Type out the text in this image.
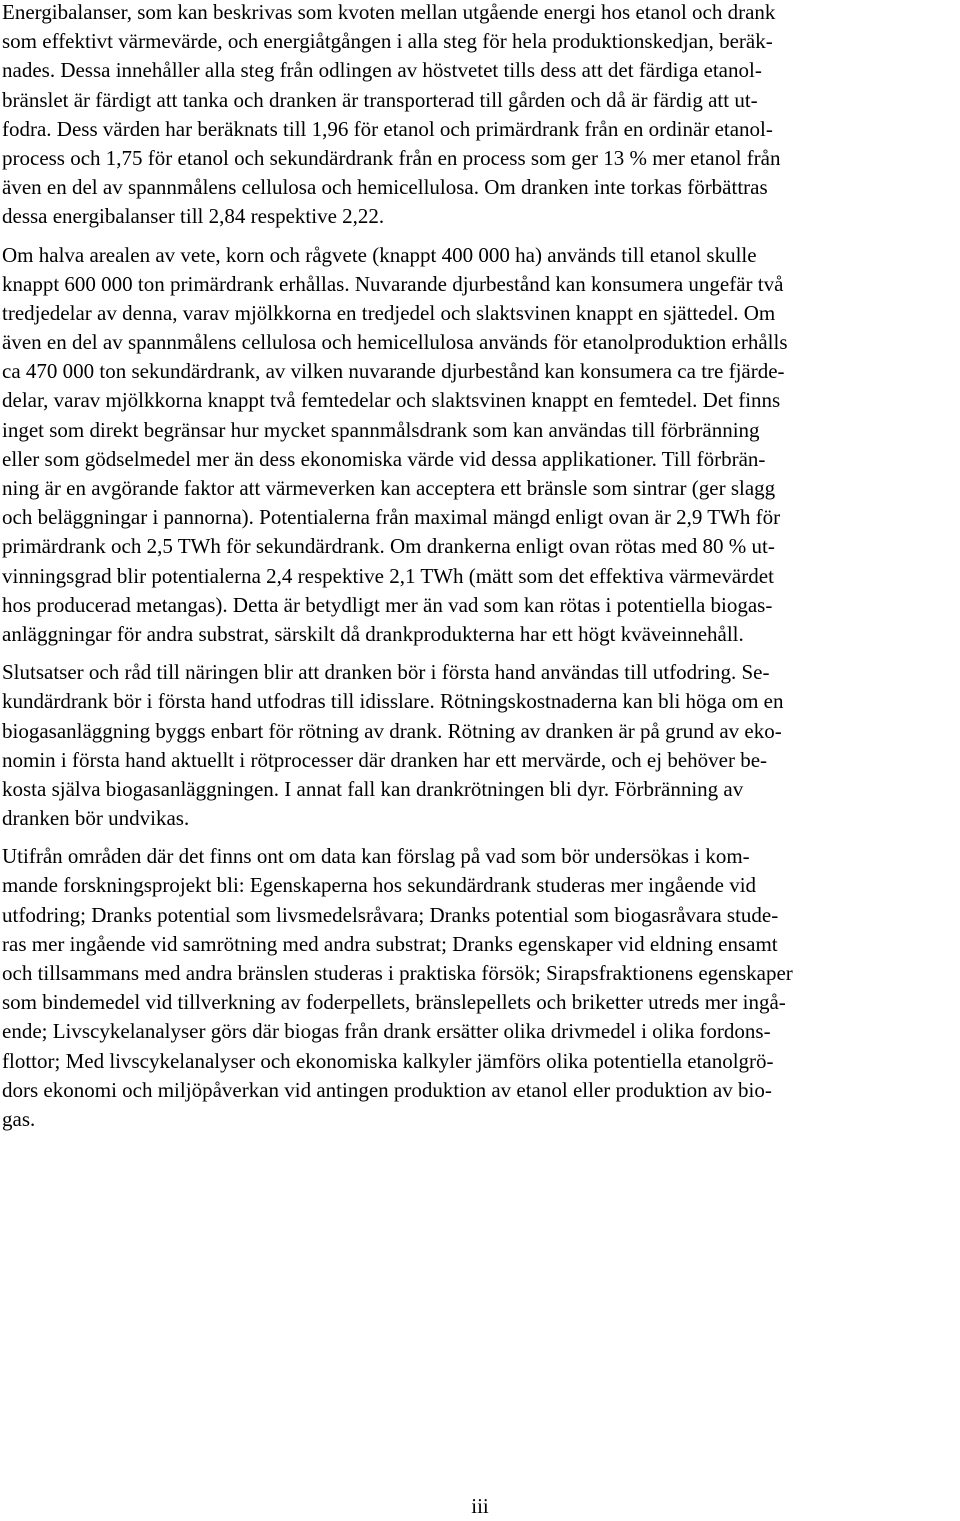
Energibalanser, som kan beskrivas som kvoten mellan utgående energi hos etanol och drank
som effektivt värmevärde, och energiåtgången i alla steg för hela produktionskedjan, beräk-
nades. Dessa innehåller alla steg från odlingen av höstvetet tills dess att det färdiga etanol-
bränslet är färdigt att tanka och dranken är transporterad till gården och då är färdig att ut-
fodra. Dess värden har beräknats till 1,96 för etanol och primärdrank från en ordinär etanol-
process och 1,75 för etanol och sekundärdrank från en process som ger 13 % mer etanol från
även en del av spannmålens cellulosa och hemicellulosa. Om dranken inte torkas förbättras
dessa energibalanser till 2,84 respektive 2,22.
Om halva arealen av vete, korn och rågvete (knappt 400 000 ha) används till etanol skulle
knappt 600 000 ton primärdrank erhållas. Nuvarande djurbestånd kan konsumera ungefär två
tredjedelar av denna, varav mjölkkorna en tredjedel och slaktsvinen knappt en sjättedel. Om
även en del av spannmålens cellulosa och hemicellulosa används för etanolproduktion erhålls
ca 470 000 ton sekundärdrank, av vilken nuvarande djurbestånd kan konsumera ca tre fjärde-
delar, varav mjölkkorna knappt två femtedelar och slaktsvinen knappt en femtedel. Det finns
inget som direkt begränsar hur mycket spannmålsdrank som kan användas till förbränning
eller som gödselmedel mer än dess ekonomiska värde vid dessa applikationer. Till förbrän-
ning är en avgörande faktor att värmeverken kan acceptera ett bränsle som sintrar (ger slagg
och beläggningar i pannorna). Potentialerna från maximal mängd enligt ovan är 2,9 TWh för
primärdrank och 2,5 TWh för sekundärdrank. Om drankerna enligt ovan rötas med 80 % ut-
vinningsgrad blir potentialerna 2,4 respektive 2,1 TWh (mätt som det effektiva värmevärdet
hos producerad metangas). Detta är betydligt mer än vad som kan rötas i potentiella biogas-
anläggningar för andra substrat, särskilt då drankprodukterna har ett högt kväveinnehåll.
Slutsatser och råd till näringen blir att dranken bör i första hand användas till utfodring. Se-
kundärdrank bör i första hand utfodras till idisslare. Rötningskostnaderna kan bli höga om en
biogasanläggning byggs enbart för rötning av drank. Rötning av dranken är på grund av eko-
nomin i första hand aktuellt i rötprocesser där dranken har ett mervärde, och ej behöver be-
kosta själva biogasanläggningen. I annat fall kan drankrötningen bli dyr. Förbränning av
dranken bör undvikas.
Utifrån områden där det finns ont om data kan förslag på vad som bör undersökas i kom-
mande forskningsprojekt bli: Egenskaperna hos sekundärdrank studeras mer ingående vid
utfodring; Dranks potential som livsmedelsråvara; Dranks potential som biogasråvara stude-
ras mer ingående vid samrötning med andra substrat; Dranks egenskaper vid eldning ensamt
och tillsammans med andra bränslen studeras i praktiska försök; Sirapsfraktionens egenskaper
som bindemedel vid tillverkning av foderpellets, bränslepellets och briketter utreds mer ingå-
ende; Livscykelanalyser görs där biogas från drank ersätter olika drivmedel i olika fordons-
flottor; Med livscykelanalyser och ekonomiska kalkyler jämförs olika potentiella etanolgrö-
dors ekonomi och miljöpåverkan vid antingen produktion av etanol eller produktion av bio-
gas.
iii
